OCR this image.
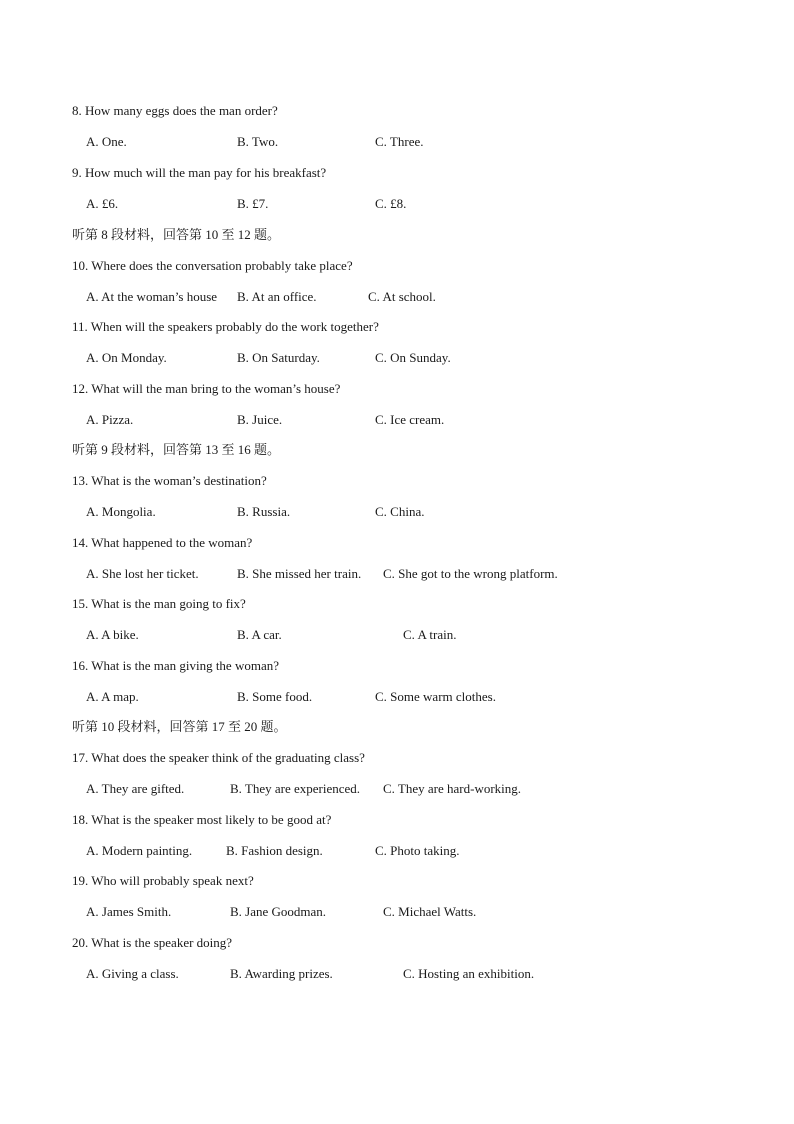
8. How many eggs does the man order?
A. One.	B. Two.	C. Three.
9. How much will the man pay for his breakfast?
A. £6.	B. £7.	C. £8.
听第 8 段材料，回答第 10 至 12 题。
10. Where does the conversation probably take place?
A. At the woman’s house B. At an office.	C. At school.
11. When will the speakers probably do the work together?
A. On Monday.	B. On Saturday.	C. On Sunday.
12. What will the man bring to the woman’s house?
A. Pizza.	B. Juice.	C. Ice cream.
听第 9 段材料，回答第 13 至 16 题。
13. What is the woman’s destination?
A. Mongolia.	B. Russia.	C. China.
14. What happened to the woman?
A. She lost her ticket.	B. She missed her train. C. She got to the wrong platform.
15. What is the man going to fix?
A. A bike.	B. A car.	C. A train.
16. What is the man giving the woman?
A. A map.	B. Some food.	C. Some warm clothes.
听第 10 段材料，回答第 17 至 20 题。
17. What does the speaker think of the graduating class?
A. They are gifted.	B. They are experienced. C. They are hard-working.
18. What is the speaker most likely to be good at?
A. Modern painting.	B. Fashion design.	C. Photo taking.
19. Who will probably speak next?
A. James Smith.	B. Jane Goodman.	C. Michael Watts.
20. What is the speaker doing?
A. Giving a class.	B. Awarding prizes.	C. Hosting an exhibition.
